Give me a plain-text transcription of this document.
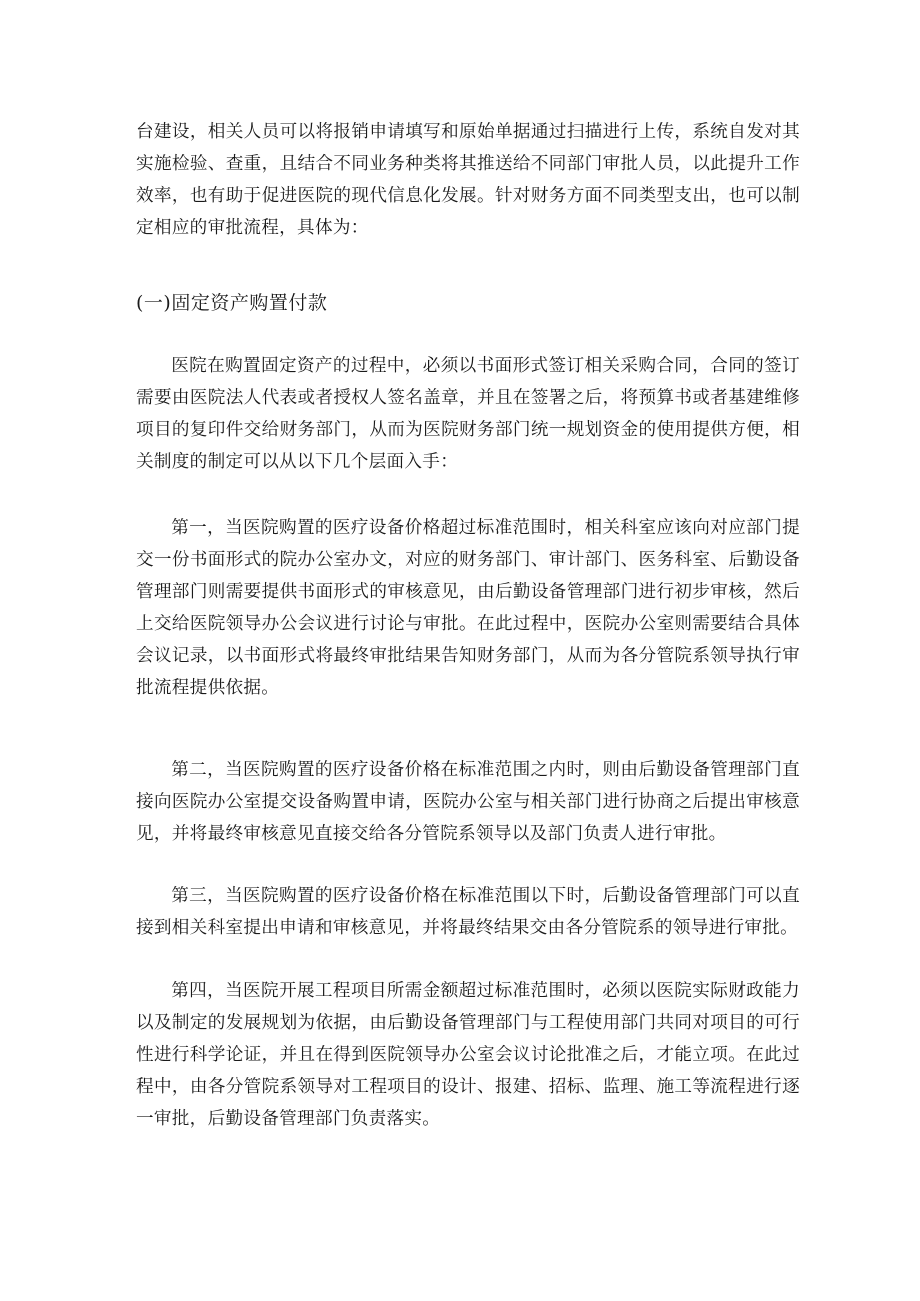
台建设，相关人员可以将报销申请填写和原始单据通过扫描进行上传，系统自发对其实施检验、查重，且结合不同业务种类将其推送给不同部门审批人员，以此提升工作效率，也有助于促进医院的现代信息化发展。针对财务方面不同类型支出，也可以制定相应的审批流程，具体为：

(一)固定资产购置付款

医院在购置固定资产的过程中，必须以书面形式签订相关采购合同，合同的签订需要由医院法人代表或者授权人签名盖章，并且在签署之后，将预算书或者基建维修项目的复印件交给财务部门，从而为医院财务部门统一规划资金的使用提供方便，相关制度的制定可以从以下几个层面入手：

第一，当医院购置的医疗设备价格超过标准范围时，相关科室应该向对应部门提交一份书面形式的院办公室办文，对应的财务部门、审计部门、医务科室、后勤设备管理部门则需要提供书面形式的审核意见，由后勤设备管理部门进行初步审核，然后上交给医院领导办公会议进行讨论与审批。在此过程中，医院办公室则需要结合具体会议记录，以书面形式将最终审批结果告知财务部门，从而为各分管院系领导执行审批流程提供依据。

第二，当医院购置的医疗设备价格在标准范围之内时，则由后勤设备管理部门直接向医院办公室提交设备购置申请，医院办公室与相关部门进行协商之后提出审核意见，并将最终审核意见直接交给各分管院系领导以及部门负责人进行审批。

第三，当医院购置的医疗设备价格在标准范围以下时，后勤设备管理部门可以直接到相关科室提出申请和审核意见，并将最终结果交由各分管院系的领导进行审批。

第四，当医院开展工程项目所需金额超过标准范围时，必须以医院实际财政能力以及制定的发展规划为依据，由后勤设备管理部门与工程使用部门共同对项目的可行性进行科学论证，并且在得到医院领导办公室会议讨论批准之后，才能立项。在此过程中，由各分管院系领导对工程项目的设计、报建、招标、监理、施工等流程进行逐一审批，后勤设备管理部门负责落实。
